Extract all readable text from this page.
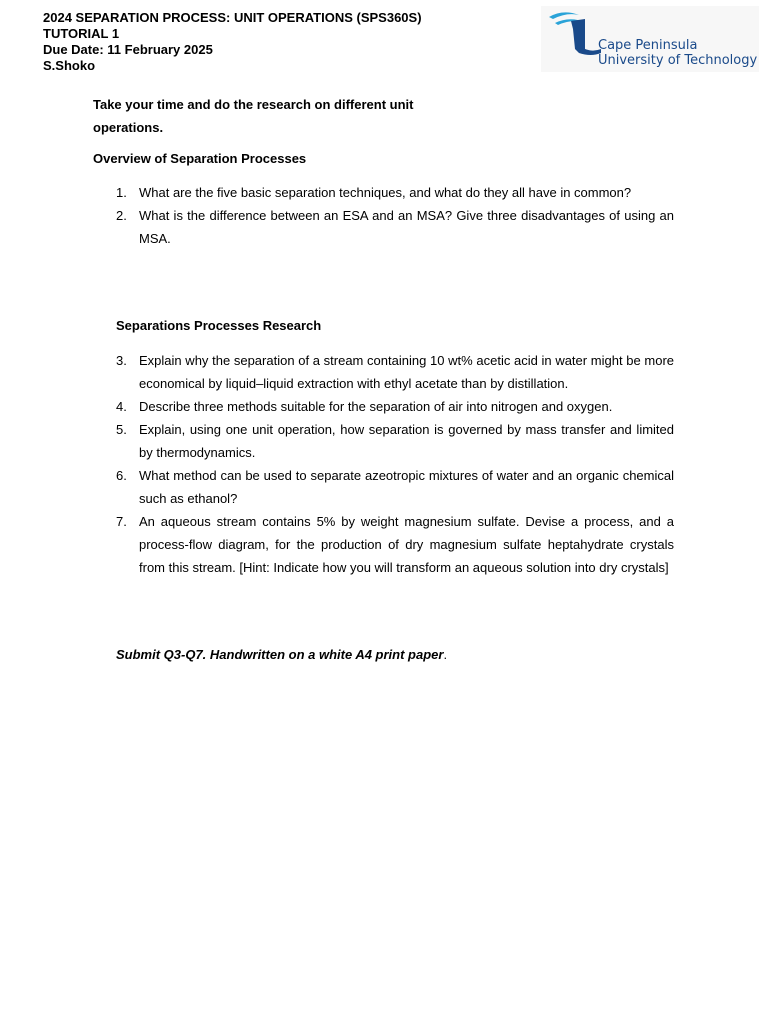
2024 SEPARATION PROCESS: UNIT OPERATIONS (SPS360S)
TUTORIAL 1
Due Date: 11 February 2025
S.Shoko
Cape Peninsula
University of Technology
Take your time and do the research on different unit operations.
Overview of Separation Processes
1. What are the five basic separation techniques, and what do they all have in common?
2. What is the difference between an ESA and an MSA? Give three disadvantages of using an MSA.
Separations Processes Research
3. Explain why the separation of a stream containing 10 wt% acetic acid in water might be more economical by liquid–liquid extraction with ethyl acetate than by distillation.
4. Describe three methods suitable for the separation of air into nitrogen and oxygen.
5. Explain, using one unit operation, how separation is governed by mass transfer and limited by thermodynamics.
6. What method can be used to separate azeotropic mixtures of water and an organic chemical such as ethanol?
7. An aqueous stream contains 5% by weight magnesium sulfate. Devise a process, and a process-flow diagram, for the production of dry magnesium sulfate heptahydrate crystals from this stream. [Hint: Indicate how you will transform an aqueous solution into dry crystals]
Submit Q3-Q7. Handwritten on a white A4 print paper.
